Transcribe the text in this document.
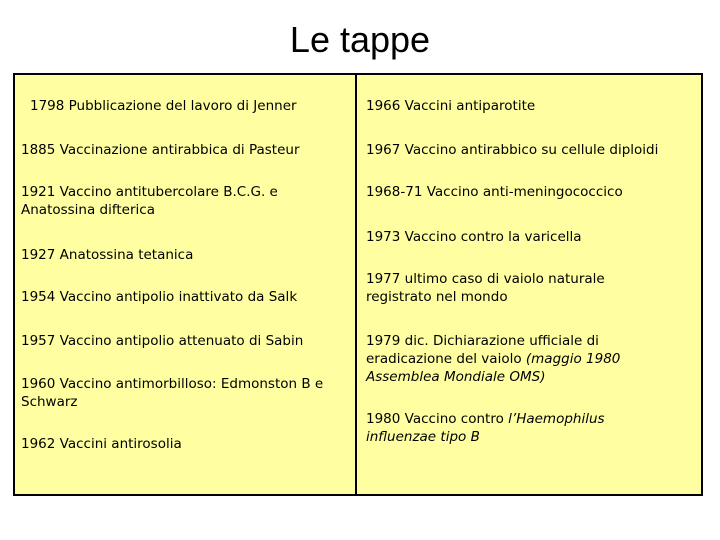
Le tappe
1798 Pubblicazione del lavoro di Jenner
1885 Vaccinazione antirabbica di Pasteur
1921 Vaccino antitubercolare B.C.G. e Anatossina difterica
1927 Anatossina tetanica
1954 Vaccino antipolio inattivato da Salk
1957 Vaccino antipolio attenuato di Sabin
1960 Vaccino antimorbilloso: Edmonston B e Schwarz
1962 Vaccini antirosolia
1966 Vaccini antiparotite
1967 Vaccino antirabbico su cellule diploidi
1968-71 Vaccino anti-meningococcico
1973 Vaccino contro la varicella
1977 ultimo caso di vaiolo naturale registrato nel mondo
1979 dic. Dichiarazione ufficiale di eradicazione del vaiolo (maggio 1980 Assemblea Mondiale OMS)
1980 Vaccino contro l’Haemophilus influenzae tipo B
